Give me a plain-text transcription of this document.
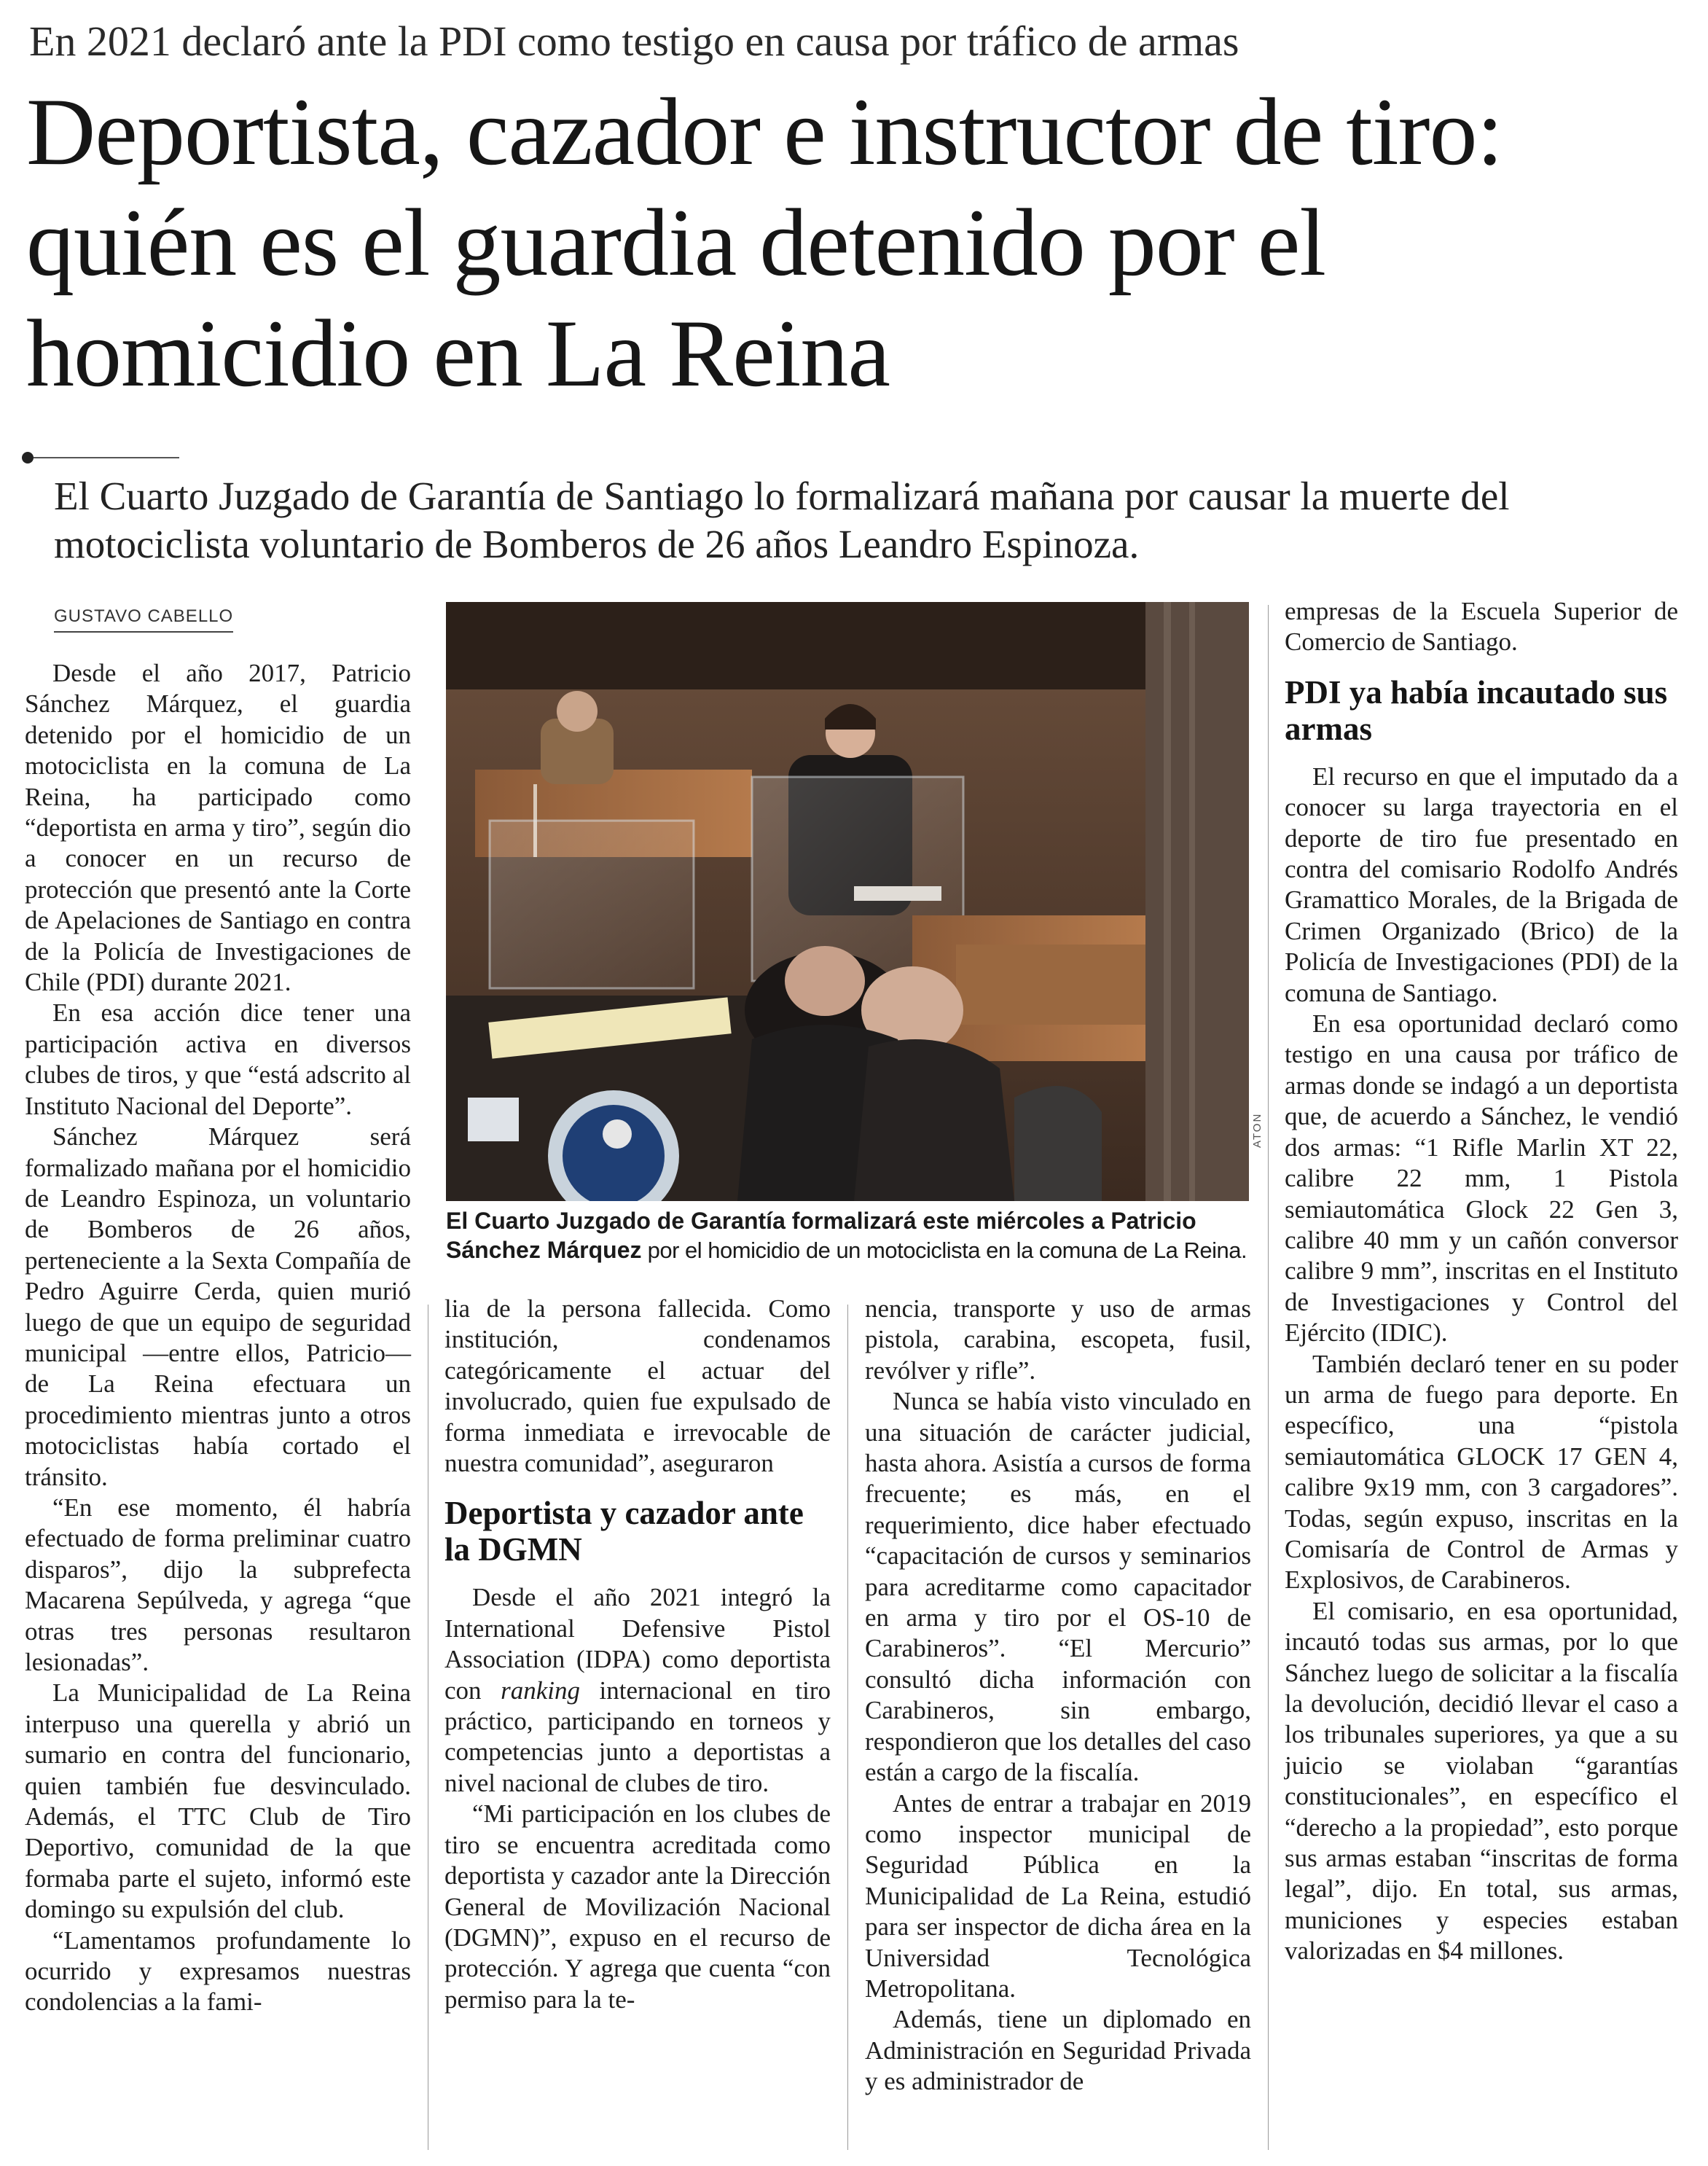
En 2021 declaró ante la PDI como testigo en causa por tráfico de armas
Deportista, cazador e instructor de tiro: quién es el guardia detenido por el homicidio en La Reina

El Cuarto Juzgado de Garantía de Santiago lo formalizará mañana por causar la muerte del motociclista voluntario de Bomberos de 26 años Leandro Espinoza.

GUSTAVO CABELLO

Desde el año 2017, Patricio Sánchez Márquez, el guardia detenido por el homicidio de un motociclista en la comuna de La Reina, ha participado como “deportista en arma y tiro”, según dio a conocer en un recurso de protección que presentó ante la Corte de Apelaciones de Santiago en contra de la Policía de Investigaciones de Chile (PDI) durante 2021.

En esa acción dice tener una participación activa en diversos clubes de tiros, y que “está adscrito al Instituto Nacional del Deporte”.

Sánchez Márquez será formalizado mañana por el homicidio de Leandro Espinoza, un voluntario de Bomberos de 26 años, perteneciente a la Sexta Compañía de Pedro Aguirre Cerda, quien murió luego de que un equipo de seguridad municipal —entre ellos, Patricio— de La Reina efectuara un procedimiento mientras junto a otros motociclistas había cortado el tránsito.

“En ese momento, él habría efectuado de forma preliminar cuatro disparos”, dijo la subprefecta Macarena Sepúlveda, y agrega “que otras tres personas resultaron lesionadas”.

La Municipalidad de La Reina interpuso una querella y abrió un sumario en contra del funcionario, quien también fue desvinculado. Además, el TTC Club de Tiro Deportivo, comunidad de la que formaba parte el sujeto, informó este domingo su expulsión del club.

“Lamentamos profundamente lo ocurrido y expresamos nuestras condolencias a la fami-

ATON
El Cuarto Juzgado de Garantía formalizará este miércoles a Patricio Sánchez Márquez por el homicidio de un motociclista en la comuna de La Reina.

lia de la persona fallecida. Como institución, condenamos categóricamente el actuar del involucrado, quien fue expulsado de forma inmediata e irrevocable de nuestra comunidad”, aseguraron

Deportista y cazador ante la DGMN

Desde el año 2021 integró la International Defensive Pistol Association (IDPA) como deportista con ranking internacional en tiro práctico, participando en torneos y competencias junto a deportistas a nivel nacional de clubes de tiro.

“Mi participación en los clubes de tiro se encuentra acreditada como deportista y cazador ante la Dirección General de Movilización Nacional (DGMN)”, expuso en el recurso de protección. Y agrega que cuenta “con permiso para la te-

nencia, transporte y uso de armas pistola, carabina, escopeta, fusil, revólver y rifle”.

Nunca se había visto vinculado en una situación de carácter judicial, hasta ahora. Asistía a cursos de forma frecuente; es más, en el requerimiento, dice haber efectuado “capacitación de cursos y seminarios para acreditarme como capacitador en arma y tiro por el OS-10 de Carabineros”. “El Mercurio” consultó dicha información con Carabineros, sin embargo, respondieron que los detalles del caso están a cargo de la fiscalía.

Antes de entrar a trabajar en 2019 como inspector municipal de Seguridad Pública en la Municipalidad de La Reina, estudió para ser inspector de dicha área en la Universidad Tecnológica Metropolitana.

Además, tiene un diplomado en Administración en Seguridad Privada y es administrador de

empresas de la Escuela Superior de Comercio de Santiago.

PDI ya había incautado sus armas

El recurso en que el imputado da a conocer su larga trayectoria en el deporte de tiro fue presentado en contra del comisario Rodolfo Andrés Gramattico Morales, de la Brigada de Crimen Organizado (Brico) de la Policía de Investigaciones (PDI) de la comuna de Santiago.

En esa oportunidad declaró como testigo en una causa por tráfico de armas donde se indagó a un deportista que, de acuerdo a Sánchez, le vendió dos armas: “1 Rifle Marlin XT 22, calibre 22 mm, 1 Pistola semiautomática Glock 22 Gen 3, calibre 40 mm y un cañón conversor calibre 9 mm”, inscritas en el Instituto de Investigaciones y Control del Ejército (IDIC).

También declaró tener en su poder un arma de fuego para deporte. En específico, una “pistola semiautomática GLOCK 17 GEN 4, calibre 9x19 mm, con 3 cargadores”. Todas, según expuso, inscritas en la Comisaría de Control de Armas y Explosivos, de Carabineros.

El comisario, en esa oportunidad, incautó todas sus armas, por lo que Sánchez luego de solicitar a la fiscalía la devolución, decidió llevar el caso a los tribunales superiores, ya que a su juicio se violaban “garantías constitucionales”, en específico el “derecho a la propiedad”, esto porque sus armas estaban “inscritas de forma legal”, dijo. En total, sus armas, municiones y especies estaban valorizadas en $4 millones.
